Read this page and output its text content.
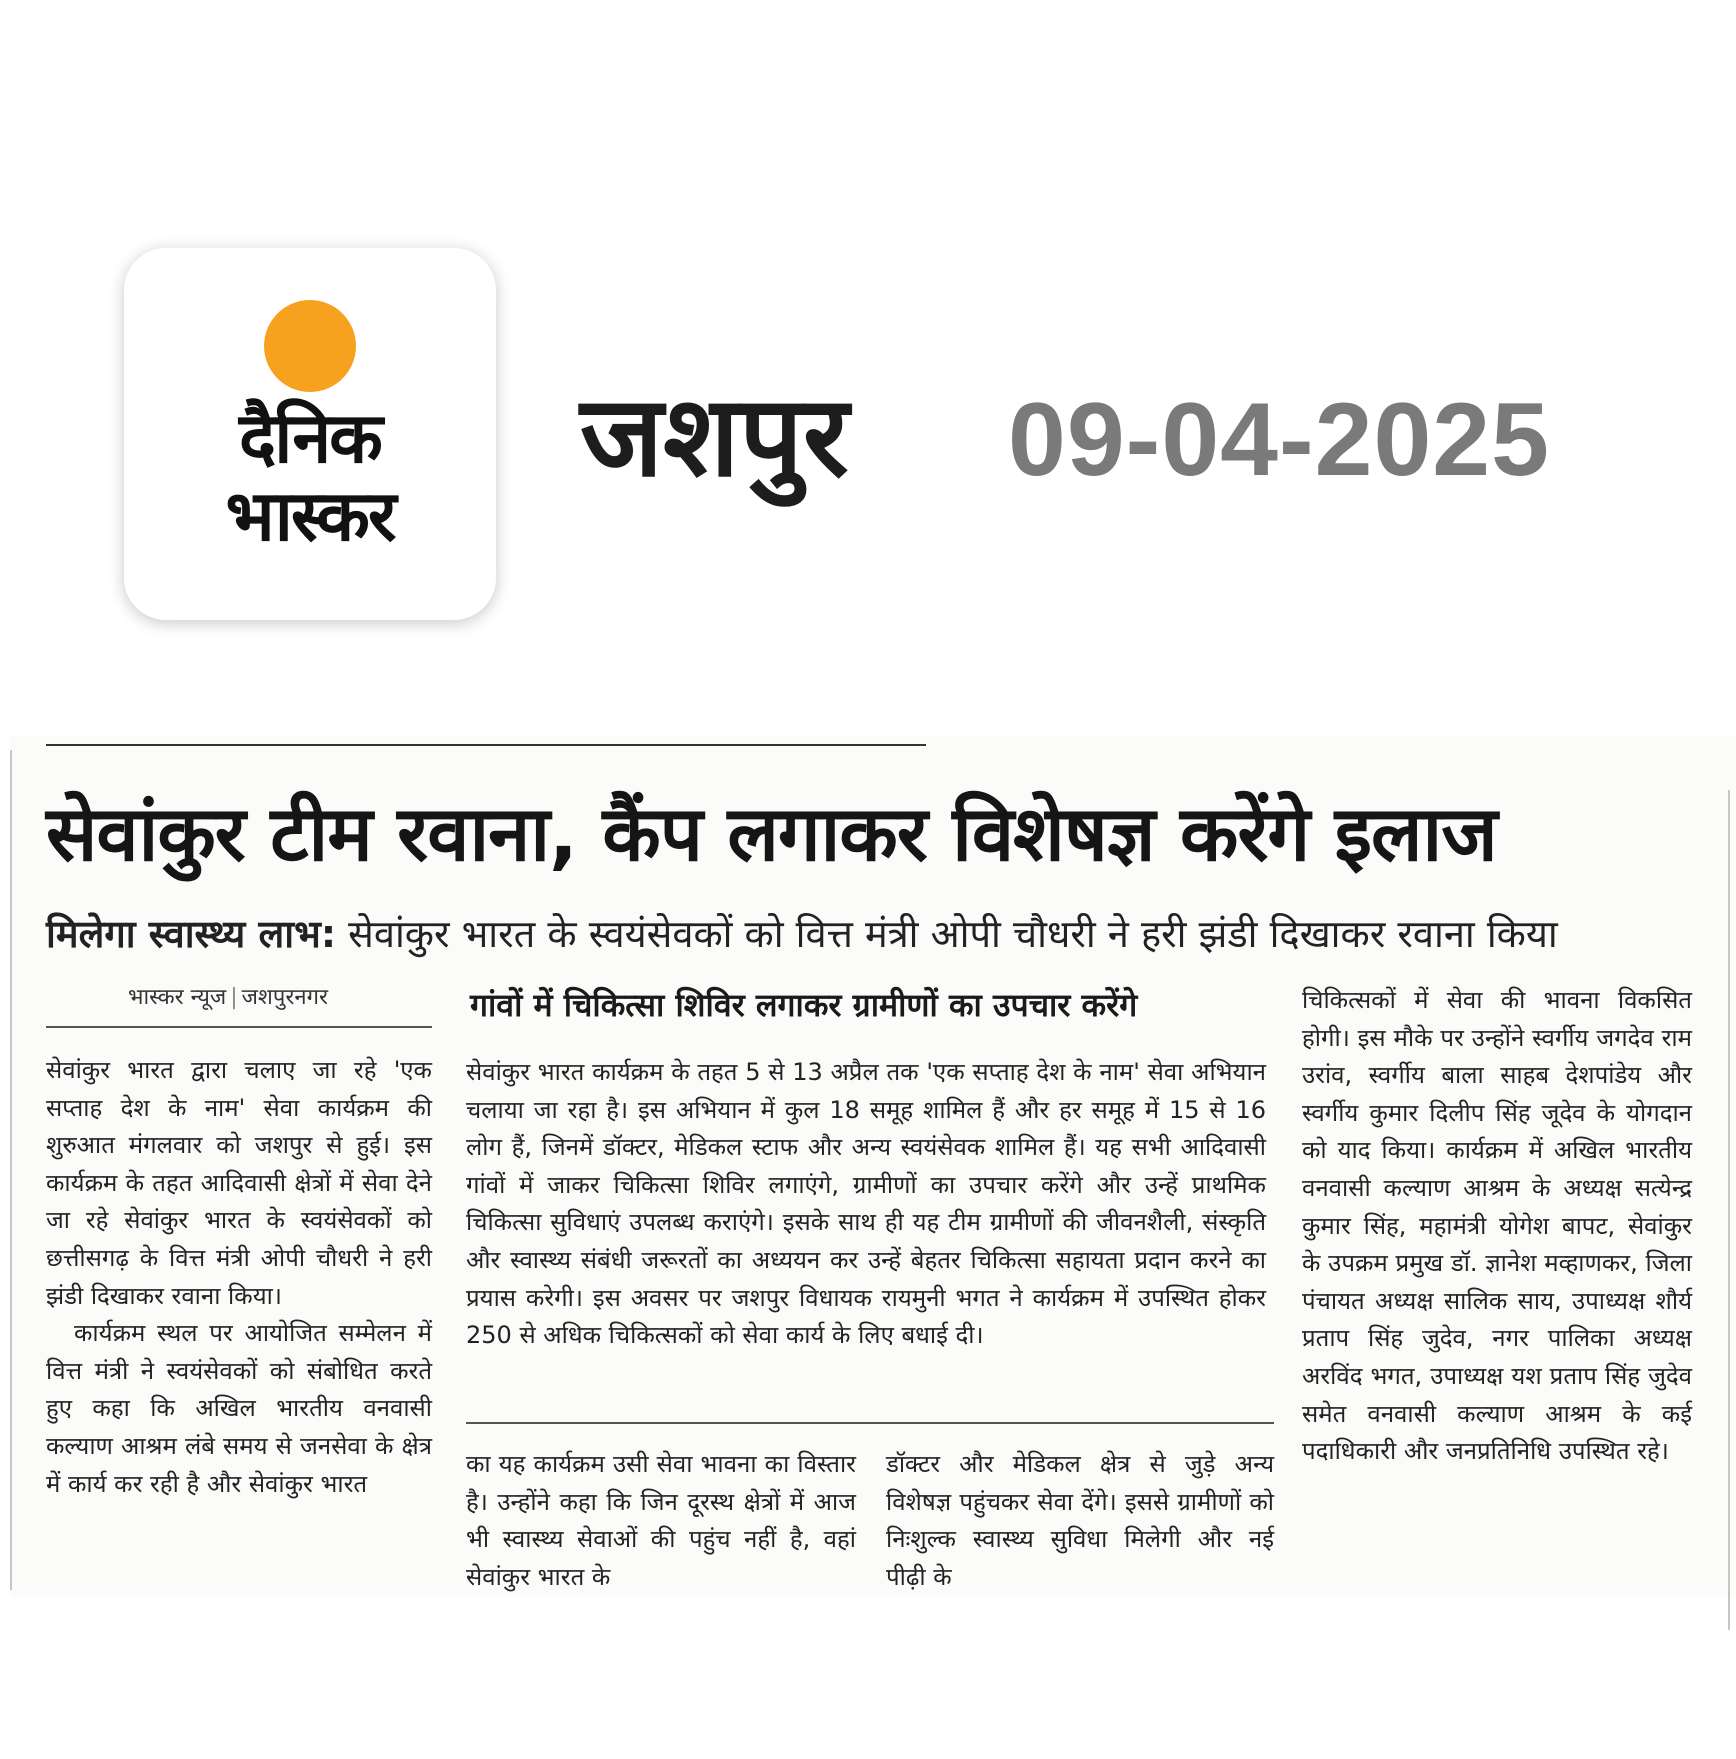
दैनिक
भास्कर
जशपुर 09-04-2025
सेवांकुर टीम रवाना, कैंप लगाकर विशेषज्ञ करेंगे इलाज
मिलेगा स्वास्थ्य लाभ: सेवांकुर भारत के स्वयंसेवकों को वित्त मंत्री ओपी चौधरी ने हरी झंडी दिखाकर रवाना किया
भास्कर न्यूज | जशपुरनगर

सेवांकुर भारत द्वारा चलाए जा रहे 'एक सप्ताह देश के नाम' सेवा कार्यक्रम की शुरुआत मंगलवार को जशपुर से हुई। इस कार्यक्रम के तहत आदिवासी क्षेत्रों में सेवा देने जा रहे सेवांकुर भारत के स्वयंसेवकों को छत्तीसगढ़ के वित्त मंत्री ओपी चौधरी ने हरी झंडी दिखाकर रवाना किया।

कार्यक्रम स्थल पर आयोजित सम्मेलन में वित्त मंत्री ने स्वयंसेवकों को संबोधित करते हुए कहा कि अखिल भारतीय वनवासी कल्याण आश्रम लंबे समय से जनसेवा के क्षेत्र में कार्य कर रही है और सेवांकुर भारत

गांवों में चिकित्सा शिविर लगाकर ग्रामीणों का उपचार करेंगे

सेवांकुर भारत कार्यक्रम के तहत 5 से 13 अप्रैल तक 'एक सप्ताह देश के नाम' सेवा अभियान चलाया जा रहा है। इस अभियान में कुल 18 समूह शामिल हैं और हर समूह में 15 से 16 लोग हैं, जिनमें डॉक्टर, मेडिकल स्टाफ और अन्य स्वयंसेवक शामिल हैं। यह सभी आदिवासी गांवों में जाकर चिकित्सा शिविर लगाएंगे, ग्रामीणों का उपचार करेंगे और उन्हें प्राथमिक चिकित्सा सुविधाएं उपलब्ध कराएंगे। इसके साथ ही यह टीम ग्रामीणों की जीवनशैली, संस्कृति और स्वास्थ्य संबंधी जरूरतों का अध्ययन कर उन्हें बेहतर चिकित्सा सहायता प्रदान करने का प्रयास करेगी। इस अवसर पर जशपुर विधायक रायमुनी भगत ने कार्यक्रम में उपस्थित होकर 250 से अधिक चिकित्सकों को सेवा कार्य के लिए बधाई दी।

का यह कार्यक्रम उसी सेवा भावना का विस्तार है। उन्होंने कहा कि जिन दूरस्थ क्षेत्रों में आज भी स्वास्थ्य सेवाओं की पहुंच नहीं है, वहां सेवांकुर भारत के

डॉक्टर और मेडिकल क्षेत्र से जुड़े अन्य विशेषज्ञ पहुंचकर सेवा देंगे। इससे ग्रामीणों को निःशुल्क स्वास्थ्य सुविधा मिलेगी और नई पीढ़ी के

चिकित्सकों में सेवा की भावना विकसित होगी। इस मौके पर उन्होंने स्वर्गीय जगदेव राम उरांव, स्वर्गीय बाला साहब देशपांडेय और स्वर्गीय कुमार दिलीप सिंह जूदेव के योगदान को याद किया। कार्यक्रम में अखिल भारतीय वनवासी कल्याण आश्रम के अध्यक्ष सत्येन्द्र कुमार सिंह, महामंत्री योगेश बापट, सेवांकुर के उपक्रम प्रमुख डॉ. ज्ञानेश मव्हाणकर, जिला पंचायत अध्यक्ष सालिक साय, उपाध्यक्ष शौर्य प्रताप सिंह जुदेव, नगर पालिका अध्यक्ष अरविंद भगत, उपाध्यक्ष यश प्रताप सिंह जुदेव समेत वनवासी कल्याण आश्रम के कई पदाधिकारी और जनप्रतिनिधि उपस्थित रहे।
